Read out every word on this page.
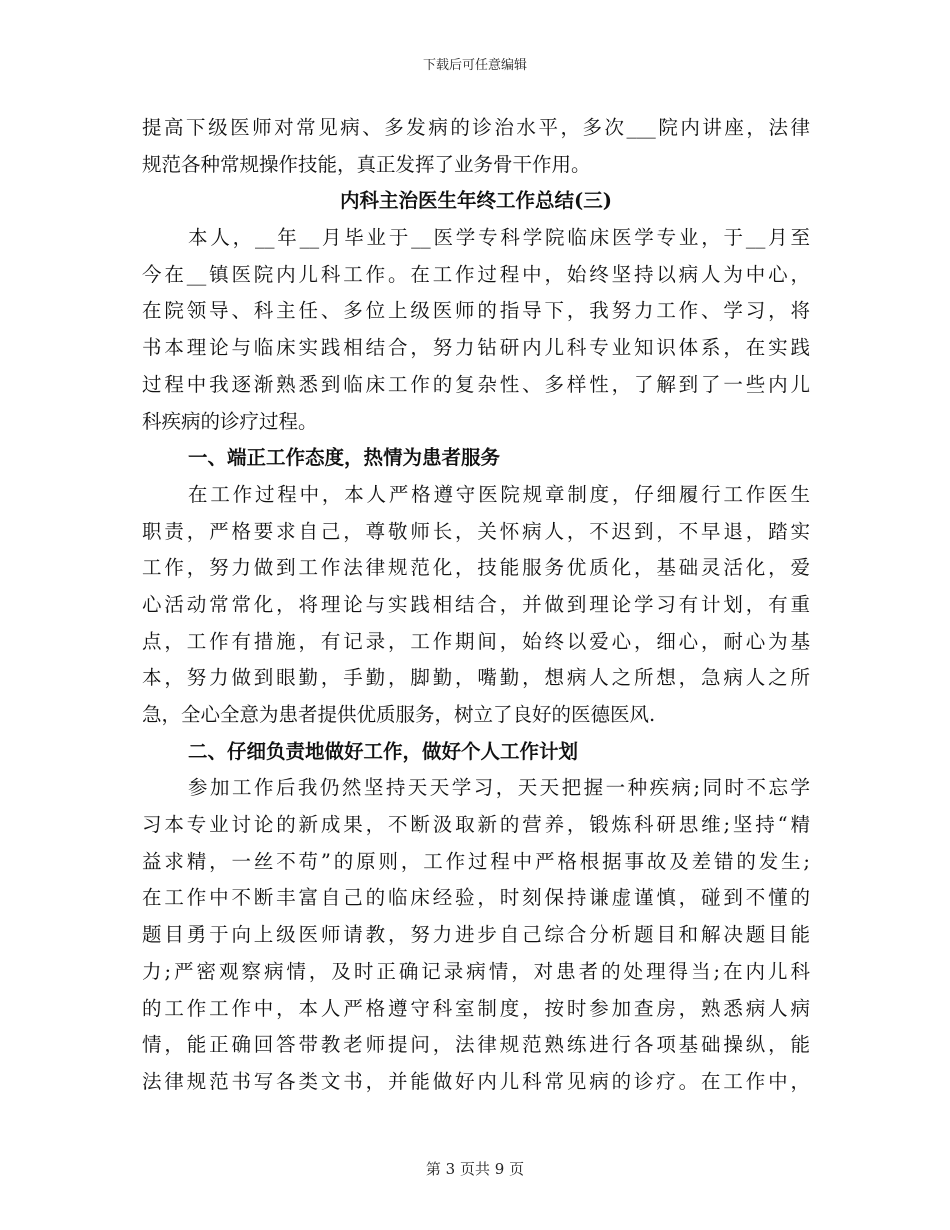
下载后可任意编辑
提高下级医师对常见病、多发病的诊治水平，多次___院内讲座，法律
规范各种常规操作技能，真正发挥了业务骨干作用。
内科主治医生年终工作总结(三)
本人，__年__月毕业于__医学专科学院临床医学专业，于__月至
今在__镇医院内儿科工作。在工作过程中，始终坚持以病人为中心，
在院领导、科主任、多位上级医师的指导下，我努力工作、学习，将
书本理论与临床实践相结合，努力钻研内儿科专业知识体系，在实践
过程中我逐渐熟悉到临床工作的复杂性、多样性，了解到了一些内儿
科疾病的诊疗过程。
一、端正工作态度，热情为患者服务
在工作过程中，本人严格遵守医院规章制度，仔细履行工作医生
职责，严格要求自己，尊敬师长，关怀病人，不迟到，不早退，踏实
工作，努力做到工作法律规范化，技能服务优质化，基础灵活化，爱
心活动常常化，将理论与实践相结合，并做到理论学习有计划，有重
点，工作有措施，有记录，工作期间，始终以爱心，细心，耐心为基
本，努力做到眼勤，手勤，脚勤，嘴勤，想病人之所想，急病人之所
急，全心全意为患者提供优质服务，树立了良好的医德医风.
二、仔细负责地做好工作，做好个人工作计划
参加工作后我仍然坚持天天学习，天天把握一种疾病;同时不忘学
习本专业讨论的新成果，不断汲取新的营养，锻炼科研思维;坚持“精
益求精，一丝不苟”的原则，工作过程中严格根据事故及差错的发生;
在工作中不断丰富自己的临床经验，时刻保持谦虚谨慎，碰到不懂的
题目勇于向上级医师请教，努力进步自己综合分析题目和解决题目能
力;严密观察病情，及时正确记录病情，对患者的处理得当;在内儿科
的工作工作中，本人严格遵守科室制度，按时参加查房，熟悉病人病
情，能正确回答带教老师提问，法律规范熟练进行各项基础操纵，能
法律规范书写各类文书，并能做好内儿科常见病的诊疗。在工作中，
第 3 页共 9 页
